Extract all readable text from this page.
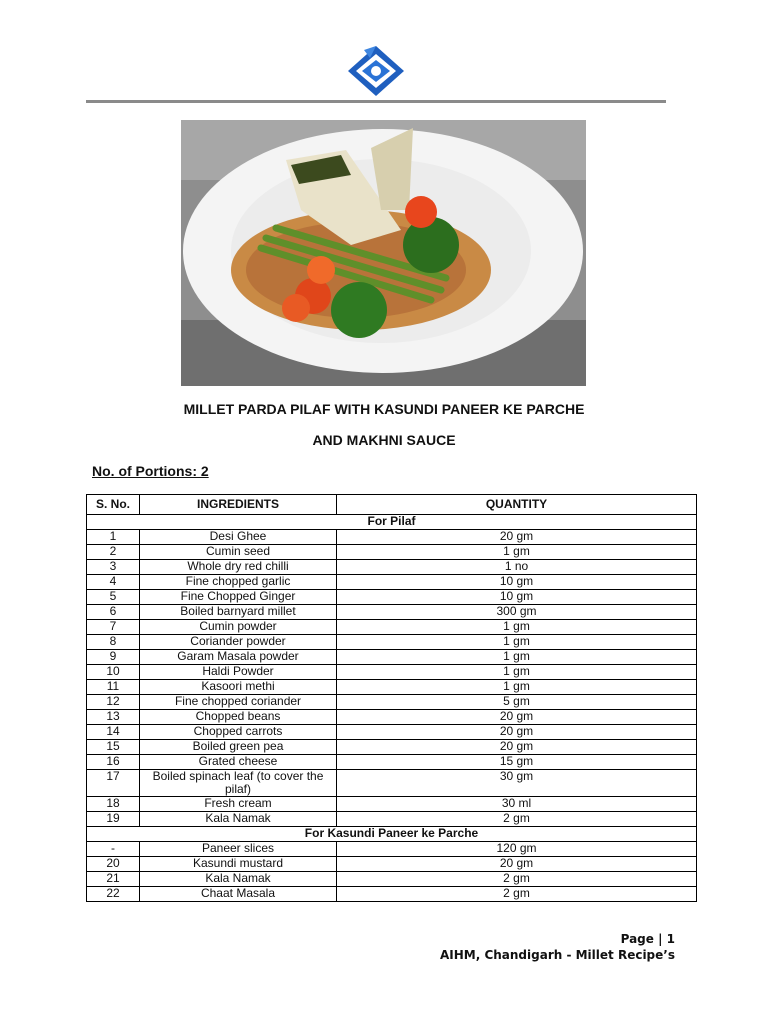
MILLET PARDA PILAF WITH KASUNDI PANEER KE PARCHE
AND MAKHNI SAUCE
No. of Portions: 2
S. No.	INGREDIENTS	QUANTITY
For Pilaf		
1	Desi Ghee	20 gm
2	Cumin seed	1 gm
3	Whole dry red chilli	1 no
4	Fine chopped garlic	10 gm
5	Fine Chopped Ginger	10 gm
6	Boiled barnyard millet	300 gm
7	Cumin powder	1 gm
8	Coriander powder	1 gm
9	Garam Masala powder	1 gm
10	Haldi Powder	1 gm
11	Kasoori methi	1 gm
12	Fine chopped coriander	5 gm
13	Chopped beans	20 gm
14	Chopped carrots	20 gm
15	Boiled green pea	20 gm
16	Grated cheese	15 gm
17	Boiled spinach leaf (to cover the pilaf)	30 gm
18	Fresh cream	30 ml
19	Kala Namak	2 gm
For Kasundi Paneer ke Parche		
-	Paneer slices	120 gm
20	Kasundi mustard	20 gm
21	Kala Namak	2 gm
22	Chaat Masala	2 gm
Page | 1
AIHM, Chandigarh - Millet Recipe’s
